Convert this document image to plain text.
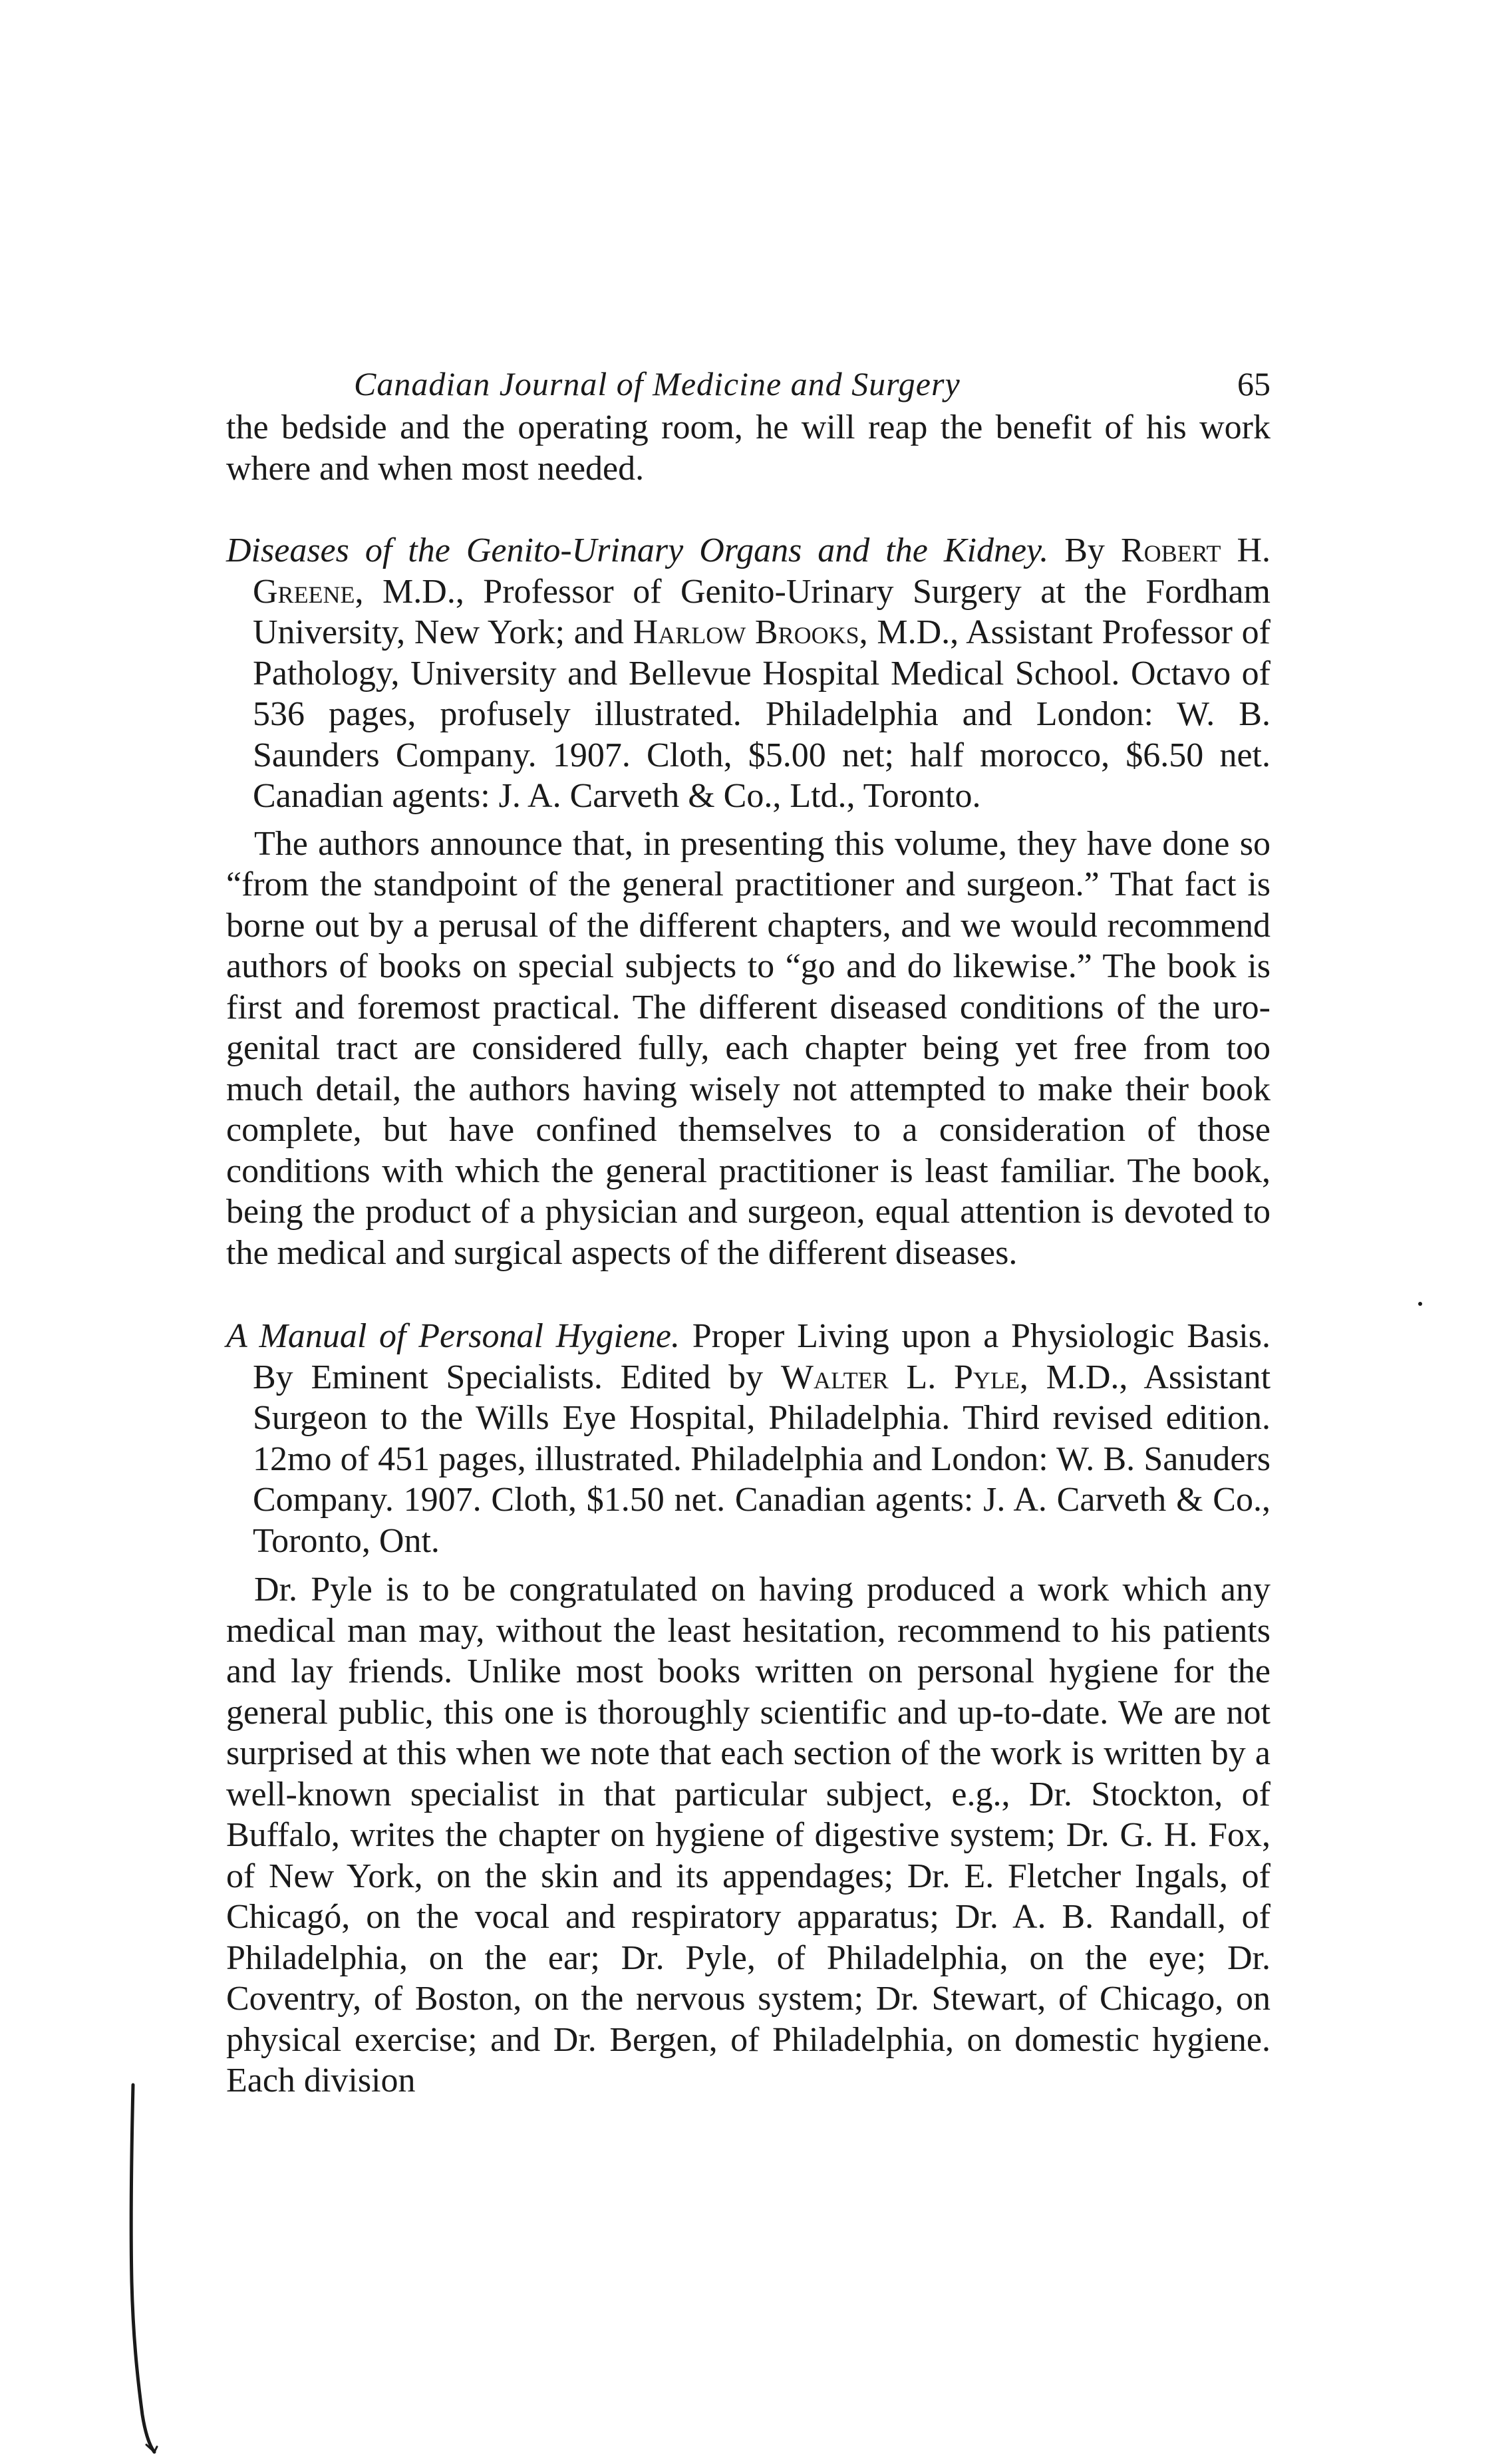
Canadian Journal of Medicine and Surgery	65

the bedside and the operating room, he will reap the benefit of his work where and when most needed.

Diseases of the Genito-Urinary Organs and the Kidney. By Robert H. Greene, M.D., Professor of Genito-Urinary Surgery at the Fordham University, New York; and Harlow Brooks, M.D., Assistant Professor of Pathology, University and Bellevue Hospital Medical School. Octavo of 536 pages, profusely illustrated. Philadelphia and London: W. B. Saunders Company. 1907. Cloth, $5.00 net; half morocco, $6.50 net. Canadian agents: J. A. Carveth & Co., Ltd., Toronto.

The authors announce that, in presenting this volume, they have done so “from the standpoint of the general practitioner and surgeon.” That fact is borne out by a perusal of the different chapters, and we would recommend authors of books on special subjects to “go and do likewise.” The book is first and foremost practical. The different diseased conditions of the uro-genital tract are considered fully, each chapter being yet free from too much detail, the authors having wisely not attempted to make their book complete, but have confined themselves to a consideration of those conditions with which the general practitioner is least familiar. The book, being the product of a physician and surgeon, equal attention is devoted to the medical and surgical aspects of the different diseases.

A Manual of Personal Hygiene. Proper Living upon a Physiologic Basis. By Eminent Specialists. Edited by Walter L. Pyle, M.D., Assistant Surgeon to the Wills Eye Hospital, Philadelphia. Third revised edition. 12mo of 451 pages, illustrated. Philadelphia and London: W. B. Sanuders Company. 1907. Cloth, $1.50 net. Canadian agents: J. A. Carveth & Co., Toronto, Ont.

Dr. Pyle is to be congratulated on having produced a work which any medical man may, without the least hesitation, recommend to his patients and lay friends. Unlike most books written on personal hygiene for the general public, this one is thoroughly scientific and up-to-date. We are not surprised at this when we note that each section of the work is written by a well-known specialist in that particular subject, e.g., Dr. Stockton, of Buffalo, writes the chapter on hygiene of digestive system; Dr. G. H. Fox, of New York, on the skin and its appendages; Dr. E. Fletcher Ingals, of Chicagó, on the vocal and respiratory apparatus; Dr. A. B. Randall, of Philadelphia, on the ear; Dr. Pyle, of Philadelphia, on the eye; Dr. Coventry, of Boston, on the nervous system; Dr. Stewart, of Chicago, on physical exercise; and Dr. Bergen, of Philadelphia, on domestic hygiene. Each division
